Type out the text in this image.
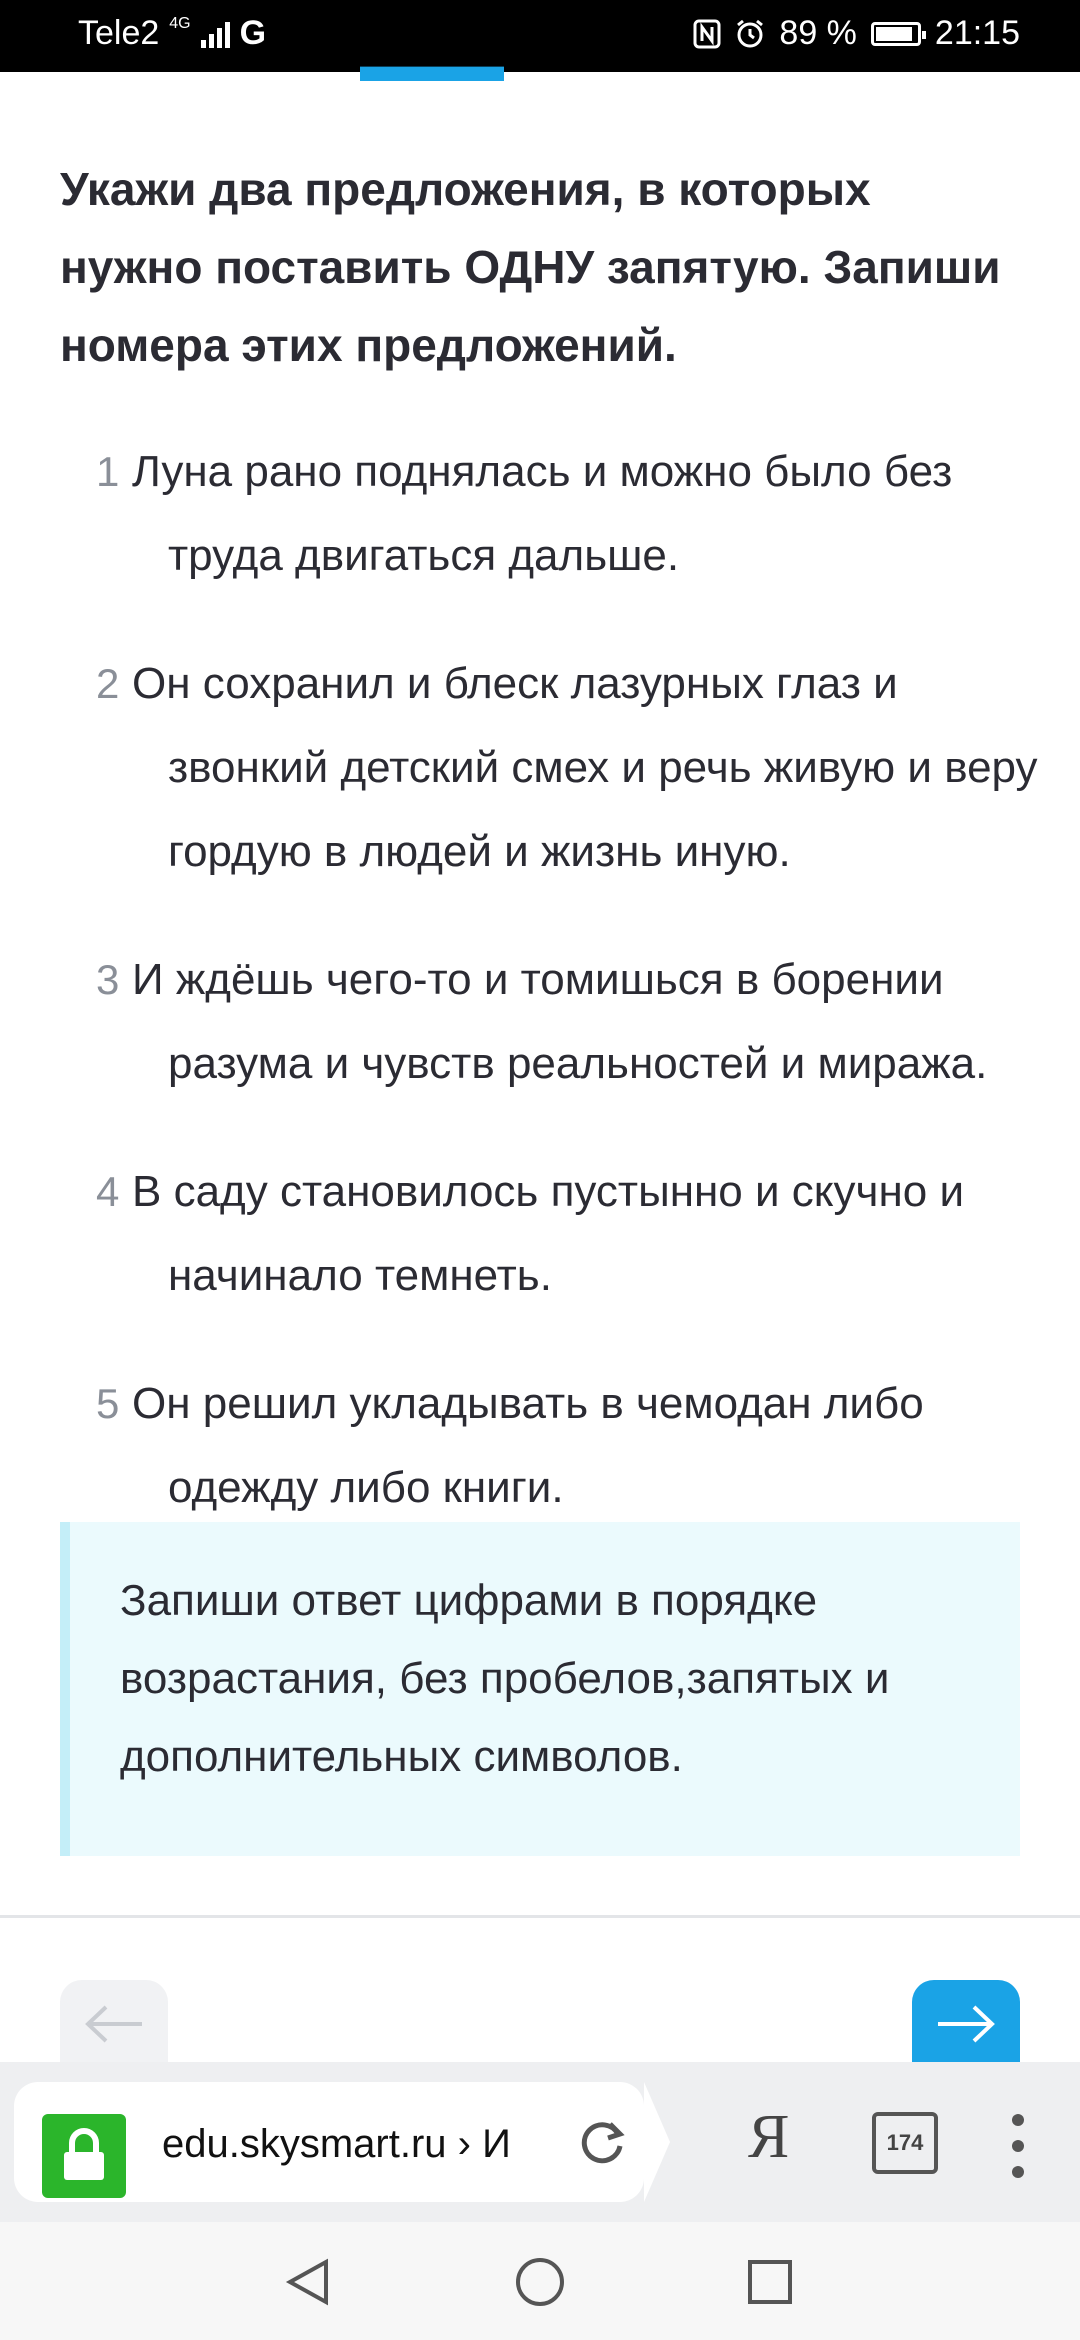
Tele2 4G G	89 % 21:15
▬▬▬
Укажи два предложения, в которых нужно поставить ОДНУ запятую. Запиши номера этих предложений.
1 Луна рано поднялась и можно было без труда двигаться дальше.
2 Он сохранил и блеск лазурных глаз и звонкий детский смех и речь живую и веру гордую в людей и жизнь иную.
3 И ждёшь чего-то и томишься в борении разума и чувств реальностей и миража.
4 В саду становилось пустынно и скучно и начинало темнеть.
5 Он решил укладывать в чемодан либо одежду либо книги.
Запиши ответ цифрами в порядке возрастания, без пробелов,запятых и дополнительных символов.
edu.skysmart.ru › И	Я	174
